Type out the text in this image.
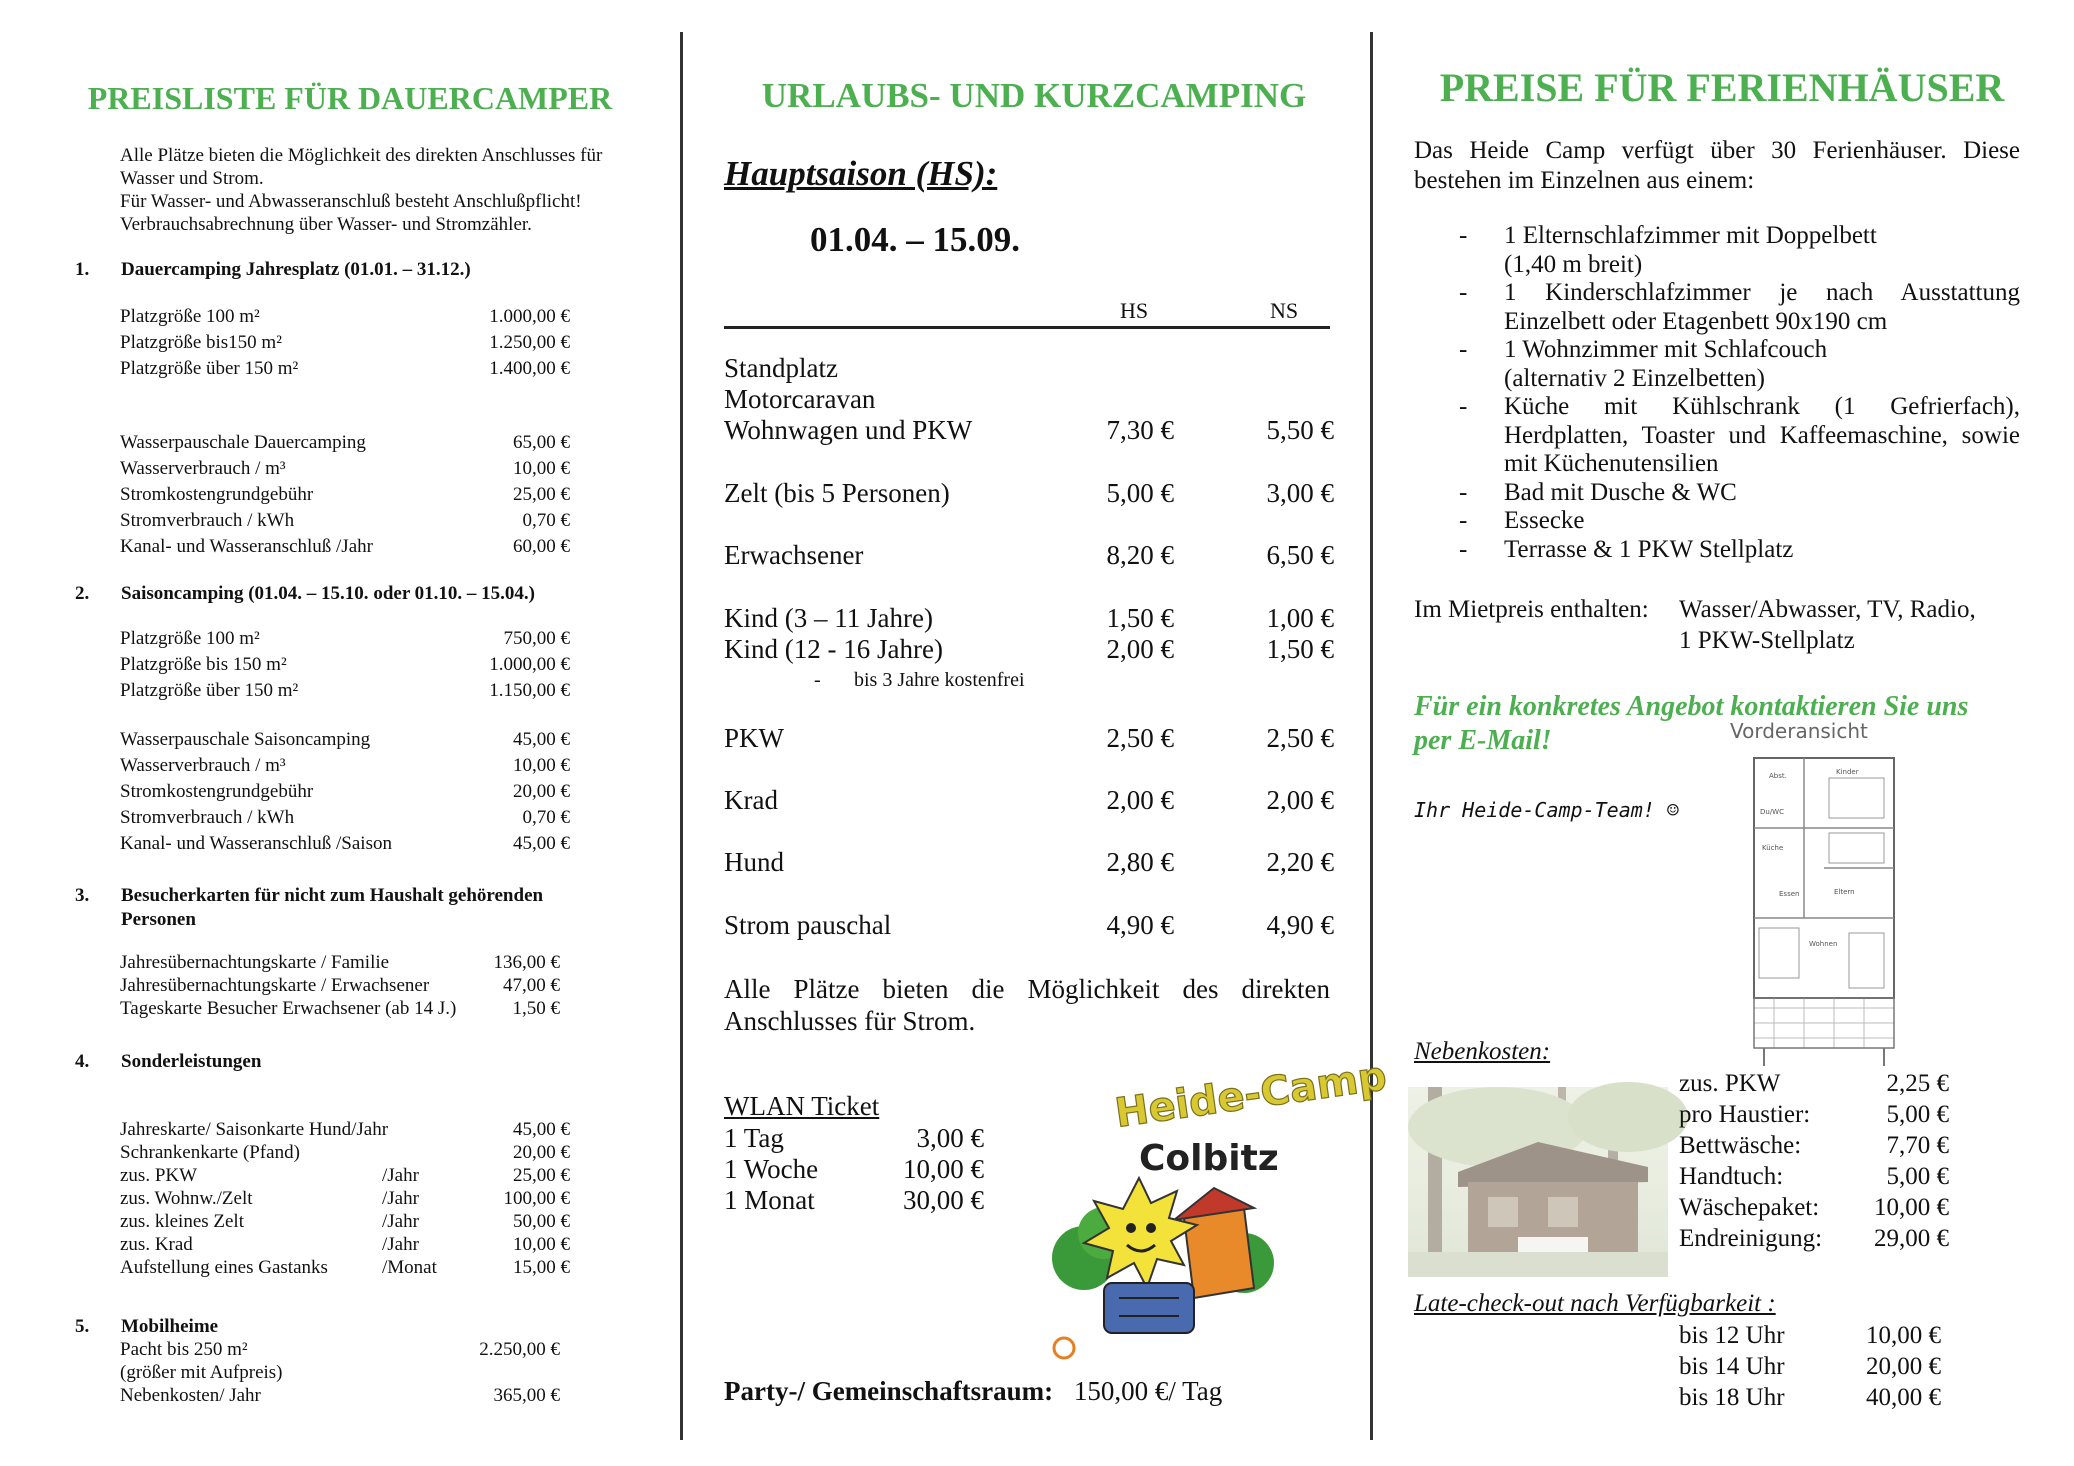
PREISLISTE FÜR DAUERCAMPER
Alle Plätze bieten die Möglichkeit des direkten Anschlusses für
Wasser und Strom.
Für Wasser- und Abwasseranschluß besteht Anschlußpflicht!
Verbrauchsabrechnung über Wasser- und Stromzähler.
1. Dauercamping Jahresplatz (01.01. – 31.12.)
Platzgröße 100 m²	1.000,00 €
Platzgröße bis150 m²	1.250,00 €
Platzgröße über 150 m²	1.400,00 €
Wasserpauschale Dauercamping	65,00 €
Wasserverbrauch / m³	10,00 €
Stromkostengrundgebühr	25,00 €
Stromverbrauch / kWh	0,70 €
Kanal- und Wasseranschluß /Jahr	60,00 €
2. Saisoncamping (01.04. – 15.10. oder 01.10. – 15.04.)
Platzgröße 100 m²	750,00 €
Platzgröße bis 150 m²	1.000,00 €
Platzgröße über 150 m²	1.150,00 €
Wasserpauschale Saisoncamping	45,00 €
Wasserverbrauch / m³	10,00 €
Stromkostengrundgebühr	20,00 €
Stromverbrauch / kWh	0,70 €
Kanal- und Wasseranschluß /Saison	45,00 €
3. Besucherkarten für nicht zum Haushalt gehörenden
Personen
Jahresübernachtungskarte / Familie	136,00 €
Jahresübernachtungskarte / Erwachsener	47,00 €
Tageskarte Besucher Erwachsener (ab 14 J.)	1,50 €
4. Sonderleistungen
Jahreskarte/ Saisonkarte Hund/Jahr	45,00 €
Schrankenkarte (Pfand)	20,00 €
zus. PKW	/Jahr	25,00 €
zus. Wohnw./Zelt	/Jahr	100,00 €
zus. kleines Zelt	/Jahr	50,00 €
zus. Krad	/Jahr	10,00 €
Aufstellung eines Gastanks	/Monat	15,00 €
5. Mobilheime
Pacht bis 250 m²	2.250,00 €
(größer mit Aufpreis)
Nebenkosten/ Jahr	365,00 €
URLAUBS- UND KURZCAMPING
Hauptsaison (HS):
01.04. – 15.09.
HS	NS
Standplatz
Motorcaravan
Wohnwagen und PKW	7,30 €	5,50 €
Zelt (bis 5 Personen)	5,00 €	3,00 €
Erwachsener	8,20 €	6,50 €
Kind (3 – 11 Jahre)	1,50 €	1,00 €
Kind (12 - 16 Jahre)	2,00 €	1,50 €
- bis 3 Jahre kostenfrei
PKW	2,50 €	2,50 €
Krad	2,00 €	2,00 €
Hund	2,80 €	2,20 €
Strom pauschal	4,90 €	4,90 €
Alle Plätze bieten die Möglichkeit des direkten
Anschlusses für Strom.
WLAN Ticket
1 Tag	3,00 €
1 Woche	10,00 €
1 Monat	30,00 €
Heide-Camp
Colbitz
Party-/ Gemeinschaftsraum: 150,00 €/ Tag
PREISE FÜR FERIENHÄUSER
Das Heide Camp verfügt über 30 Ferienhäuser. Diese bestehen im Einzelnen aus einem:
- 1 Elternschlafzimmer mit Doppelbett
(1,40 m breit)
- 1 Kinderschlafzimmer je nach Ausstattung
Einzelbett oder Etagenbett 90x190 cm
- 1 Wohnzimmer mit Schlafcouch
(alternativ 2 Einzelbetten)
- Küche mit Kühlschrank (1 Gefrierfach),
Herdplatten, Toaster und Kaffeemaschine, sowie
mit Küchenutensilien
- Bad mit Dusche & WC
- Essecke
- Terrasse & 1 PKW Stellplatz
Im Mietpreis enthalten: Wasser/Abwasser, TV, Radio,
1 PKW-Stellplatz
Für ein konkretes Angebot kontaktieren Sie uns
per E-Mail!
Ihr Heide-Camp-Team! ☺
Vorderansicht
Abst.	Kinder
Küche
Essen	Eltern
Wohnen
Du/WC
Nebenkosten:
zus. PKW	2,25 €
pro Haustier:	5,00 €
Bettwäsche:	7,70 €
Handtuch:	5,00 €
Wäschepaket: 10,00 €
Endreinigung: 29,00 €
Late-check-out nach Verfügbarkeit :
bis 12 Uhr	10,00 €
bis 14 Uhr	20,00 €
bis 18 Uhr	40,00 €
